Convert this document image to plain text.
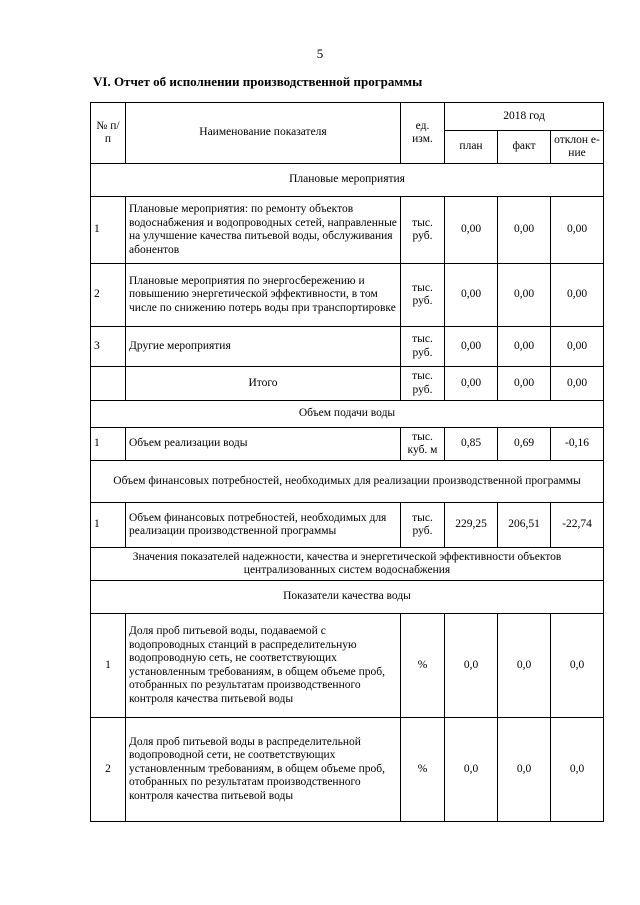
5
VI. Отчет об исполнении производственной программы
№ п/п	Наименование показателя	ед. изм.	2018 год		
			план	факт	отклон е-ние
Плановые мероприятия					
1	Плановые мероприятия: по ремонту объектов водоснабжения и водопроводных сетей, направленные на улучшение качества питьевой воды, обслуживания абонентов	тыс. руб.	0,00	0,00	0,00
2	Плановые мероприятия по энергосбережению и повышению энергетической эффективности, в том числе по снижению потерь воды при транспортировке	тыс. руб.	0,00	0,00	0,00
3	Другие мероприятия	тыс. руб.	0,00	0,00	0,00
	Итого	тыс. руб.	0,00	0,00	0,00
Объем подачи воды					
1	Объем реализации воды	тыс. куб. м	0,85	0,69	-0,16
Объем финансовых потребностей, необходимых для реализации производственной программы					
1	Объем финансовых потребностей, необходимых для реализации производственной программы	тыс. руб.	229,25	206,51	-22,74
Значения показателей надежности, качества и энергетической эффективности объектов централизованных систем водоснабжения					
Показатели качества воды					
1	Доля проб питьевой воды, подаваемой с водопроводных станций в распределительную водопроводную сеть, не соответствующих установленным требованиям, в общем объеме проб, отобранных по результатам производственного контроля качества питьевой воды	%	0,0	0,0	0,0
2	Доля проб питьевой воды в распределительной водопроводной сети, не соответствующих установленным требованиям, в общем объеме проб, отобранных по результатам производственного контроля качества питьевой воды	%	0,0	0,0	0,0
